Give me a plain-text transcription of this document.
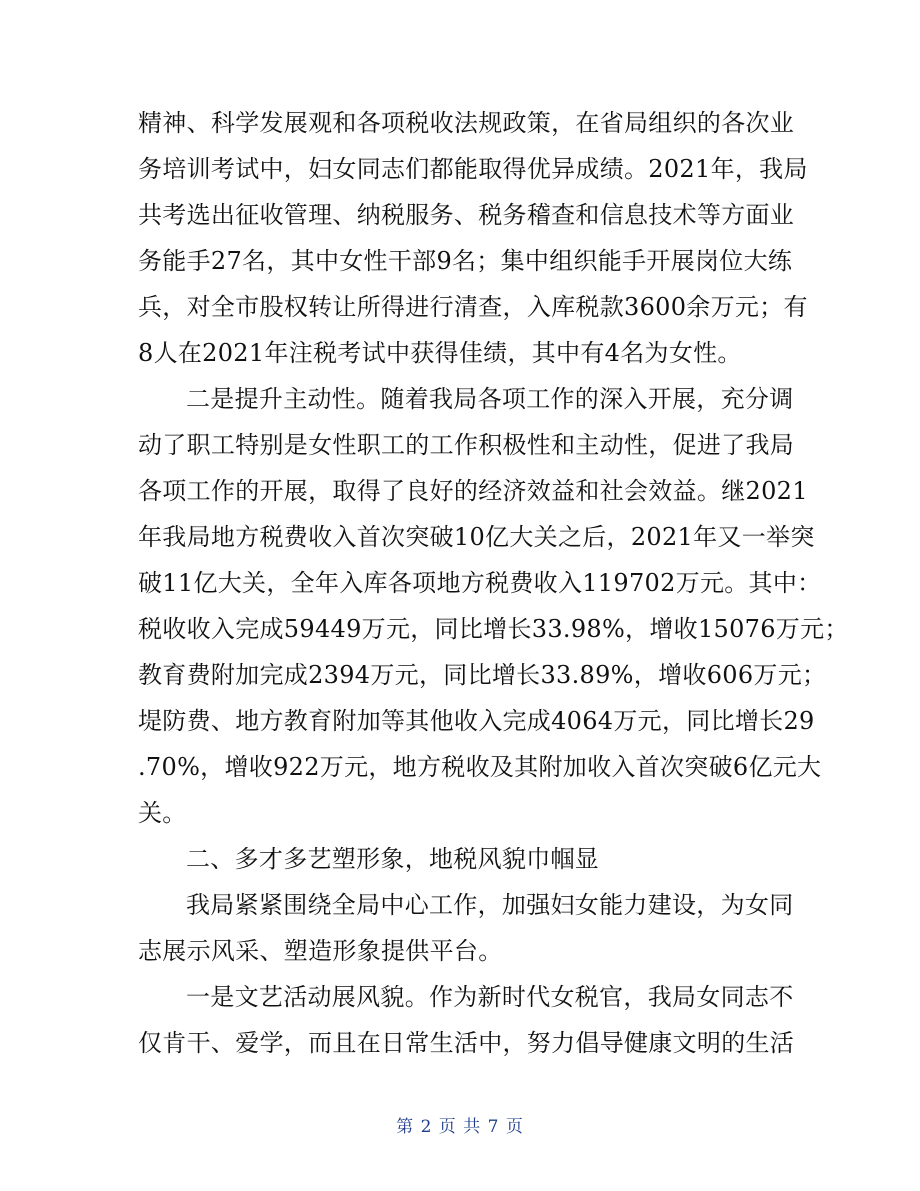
精神、科学发展观和各项税收法规政策，在省局组织的各次业
务培训考试中，妇女同志们都能取得优异成绩。2021年，我局
共考选出征收管理、纳税服务、税务稽查和信息技术等方面业
务能手27名，其中女性干部9名；集中组织能手开展岗位大练
兵，对全市股权转让所得进行清查，入库税款3600余万元；有
8人在2021年注税考试中获得佳绩，其中有4名为女性。
二是提升主动性。随着我局各项工作的深入开展，充分调
动了职工特别是女性职工的工作积极性和主动性，促进了我局
各项工作的开展，取得了良好的经济效益和社会效益。继2021
年我局地方税费收入首次突破10亿大关之后，2021年又一举突
破11亿大关，全年入库各项地方税费收入119702万元。其中：
税收收入完成59449万元，同比增长33.98%，增收15076万元；
教育费附加完成2394万元，同比增长33.89%，增收606万元；
堤防费、地方教育附加等其他收入完成4064万元，同比增长29
.70%，增收922万元，地方税收及其附加收入首次突破6亿元大
关。
二、多才多艺塑形象，地税风貌巾帼显
我局紧紧围绕全局中心工作，加强妇女能力建设，为女同
志展示风采、塑造形象提供平台。
一是文艺活动展风貌。作为新时代女税官，我局女同志不
仅肯干、爱学，而且在日常生活中，努力倡导健康文明的生活
第 2 页 共 7 页
